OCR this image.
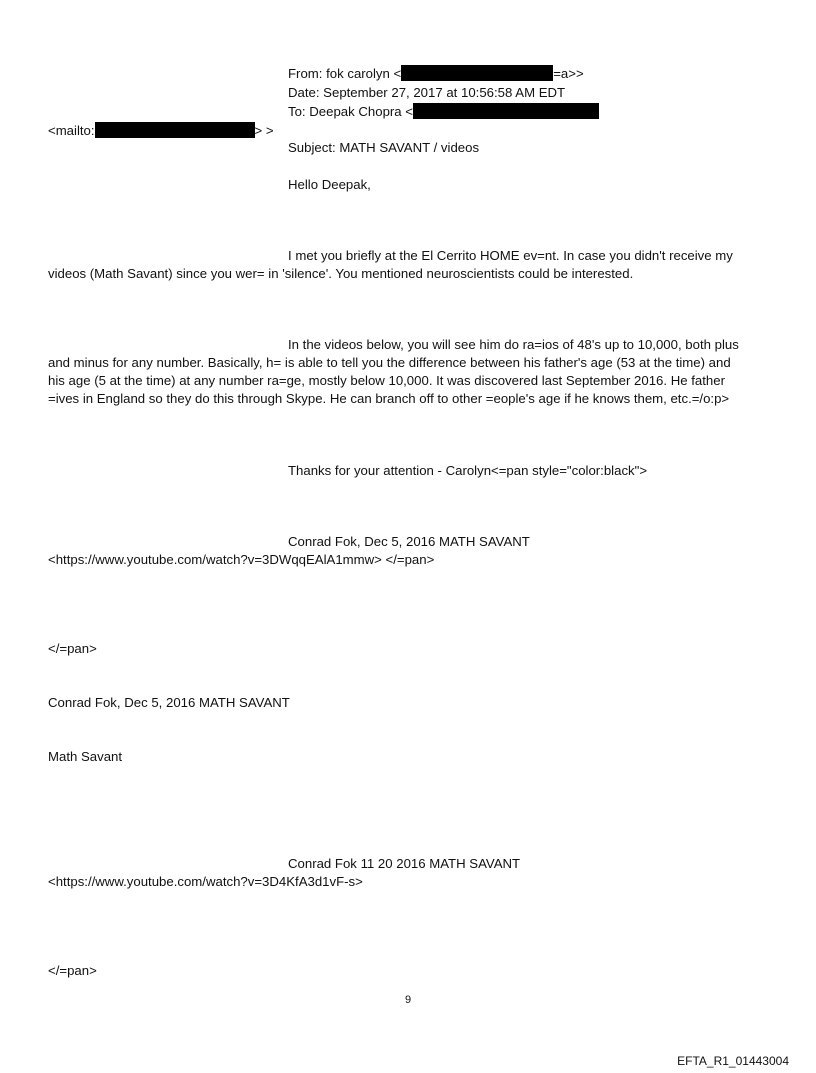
From: fok carolyn <	=a>>
Date: September 27, 2017 at 10:56:58 AM EDT
To: Deepak Chopra <
<mailto:	> >
Subject: MATH SAVANT / videos
Hello Deepak,
I met you briefly at the El Cerrito HOME ev=nt. In case you didn't receive my
videos (Math Savant) since you wer= in 'silence'. You mentioned neuroscientists could be interested.
In the videos below, you will see him do ra=ios of 48's up to 10,000, both plus
and minus for any number. Basically, h= is able to tell you the difference between his father's age (53 at the time) and
his age (5 at the time) at any number ra=ge, mostly below 10,000. It was discovered last September 2016. He father
=ives in England so they do this through Skype. He can branch off to other =eople's age if he knows them, etc.=/o:p>
Thanks for your attention - Carolyn<=pan style="color:black">
Conrad Fok, Dec 5, 2016 MATH SAVANT
<https://www.youtube.com/watch?v=3DWqqEAlA1mmw> </=pan>
</=pan>
Conrad Fok, Dec 5, 2016 MATH SAVANT
Math Savant
Conrad Fok 11 20 2016 MATH SAVANT
<https://www.youtube.com/watch?v=3D4KfA3d1vF-s>
</=pan>
9
EFTA_R1_01443004
